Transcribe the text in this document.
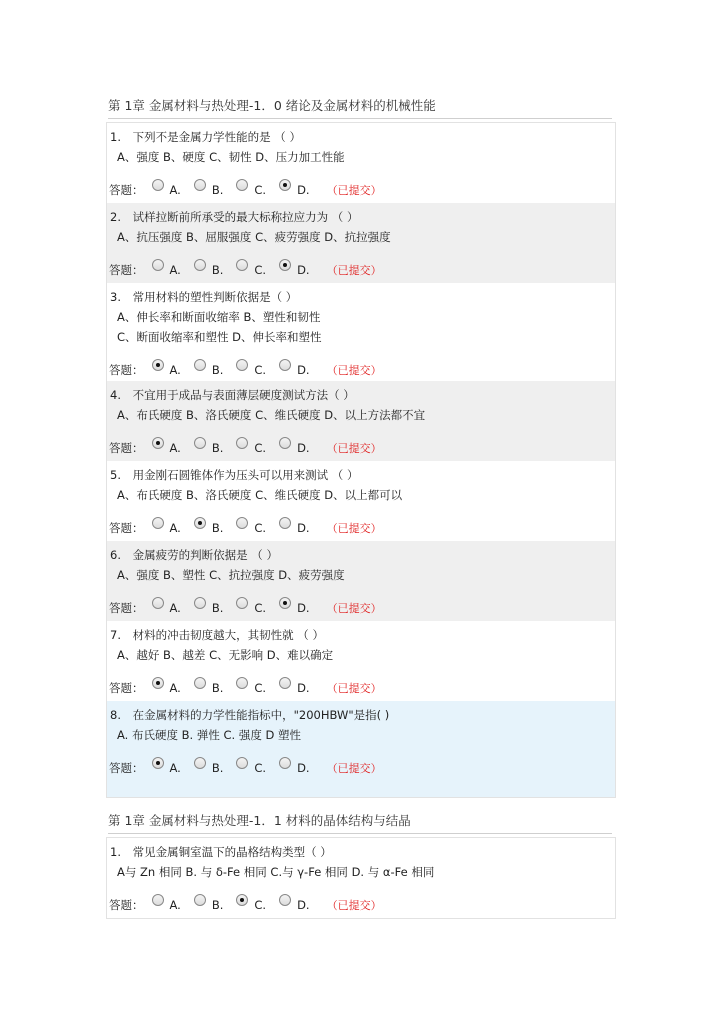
第 1章 金属材料与热处理-1．0 绪论及金属材料的机械性能
1. 下列不是金属力学性能的是 （ ）
A、强度 B、硬度 C、韧性 D、压力加工性能
答题： A.	B.	C.	D. （已提交）
2. 试样拉断前所承受的最大标称拉应力为 （ ）
A、抗压强度 B、屈服强度 C、疲劳强度 D、抗拉强度
答题： A.	B.	C.	D. （已提交）
3. 常用材料的塑性判断依据是（ ）
A、伸长率和断面收缩率 B、塑性和韧性
C、断面收缩率和塑性 D、伸长率和塑性
答题： A.	B.	C.	D. （已提交）
4. 不宜用于成品与表面薄层硬度测试方法（ ）
A、布氏硬度 B、洛氏硬度 C、维氏硬度 D、以上方法都不宜
答题： A.	B.	C.	D. （已提交）
5. 用金刚石圆锥体作为压头可以用来测试 （ ）
A、布氏硬度 B、洛氏硬度 C、维氏硬度 D、以上都可以
答题： A.	B.	C.	D. （已提交）
6. 金属疲劳的判断依据是 （ ）
A、强度 B、塑性 C、抗拉强度 D、疲劳强度
答题： A.	B.	C.	D. （已提交）
7. 材料的冲击韧度越大，其韧性就 （ ）
A、越好 B、越差 C、无影响 D、难以确定
答题： A.	B.	C.	D. （已提交）
8. 在金属材料的力学性能指标中，"200HBW"是指( )
A. 布氏硬度 B. 弹性 C. 强度 D 塑性
答题： A.	B.	C.	D. （已提交）
第 1章 金属材料与热处理-1．1 材料的晶体结构与结晶
1. 常见金属铜室温下的晶格结构类型（ ）
A与 Zn 相同 B. 与 δ-Fe 相同 C.与 γ-Fe 相同 D. 与 α-Fe 相同
答题： A.	B.	C.	D. （已提交）
